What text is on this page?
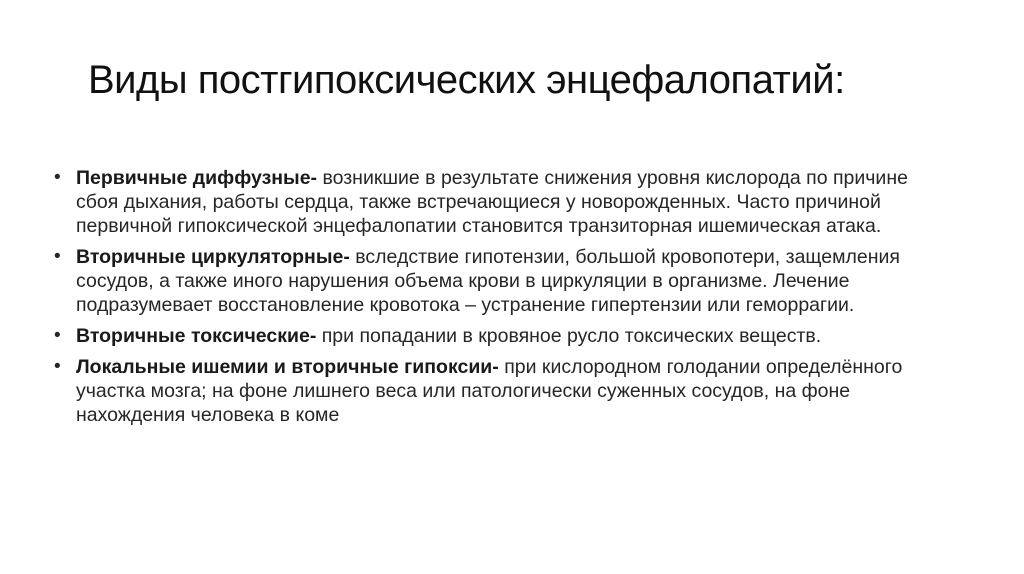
Виды постгипоксических энцефалопатий:
• Первичные диффузные- возникшие в результате снижения уровня кислорода по причине сбоя дыхания, работы сердца, также встречающиеся у новорожденных. Часто причиной первичной гипоксической энцефалопатии становится транзиторная ишемическая атака.
• Вторичные циркуляторные- вследствие гипотензии, большой кровопотери, защемления сосудов, а также иного нарушения объема крови в циркуляции в организме. Лечение подразумевает восстановление кровотока – устранение гипертензии или геморрагии.
• Вторичные токсические- при попадании в кровяное русло токсических веществ.
• Локальные ишемии и вторичные гипоксии- при кислородном голодании определённого участка мозга; на фоне лишнего веса или патологически суженных сосудов, на фоне нахождения человека в коме
